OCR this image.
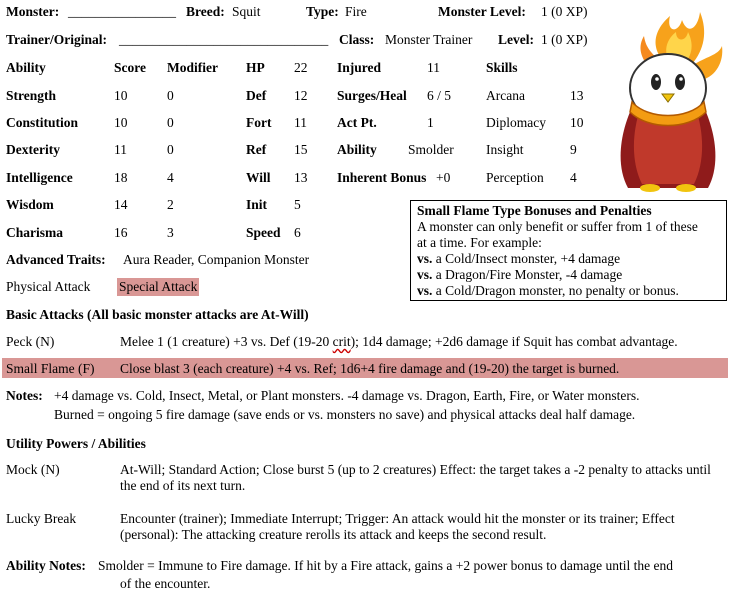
Monster: ________________ Breed: Squit	Type: Fire	Monster Level: 1 (0 XP)
Trainer/Original: _______________________________ Class: Monster Trainer Level: 1 (0 XP)
Ability	Score Modifier
Strength	10	0
Constitution	10	0
Dexterity	11	0
Intelligence	18	4
Wisdom	14	2
Charisma	16	3
HP 22
Def 12
Fort 11
Ref 15
Will 13
Init 5
Speed 6
Injured	11
Surges/Heal 6 / 5
Act Pt.	1
Ability Smolder
Inherent Bonus +0
Skills
Arcana	13
Diplomacy 10
Insight	9
Perception 4
Advanced Traits: Aura Reader, Companion Monster
Physical Attack Special Attack
Small Flame Type Bonuses and Penalties
A monster can only benefit or suffer from 1 of these
at a time. For example:
vs. a Cold/Insect monster, +4 damage
vs. a Dragon/Fire Monster, -4 damage
vs. a Cold/Dragon monster, no penalty or bonus.
Basic Attacks (All basic monster attacks are At-Will)
Peck (N)	Melee 1 (1 creature) +3 vs. Def (19-20 crit); 1d4 damage; +2d6 damage if Squit has combat advantage.
Small Flame (F) Close blast 3 (each creature) +4 vs. Ref; 1d6+4 fire damage and (19-20) the target is burned.
Notes: +4 damage vs. Cold, Insect, Metal, or Plant monsters. -4 damage vs. Dragon, Earth, Fire, or Water monsters.
Burned = ongoing 5 fire damage (save ends or vs. monsters no save) and physical attacks deal half damage.
Utility Powers / Abilities
Mock (N)	At-Will; Standard Action; Close burst 5 (up to 2 creatures) Effect: the target takes a -2 penalty to attacks until the end of its next turn.
Lucky Break	Encounter (trainer); Immediate Interrupt; Trigger: An attack would hit the monster or its trainer; Effect (personal): The attacking creature rerolls its attack and keeps the second result.
Ability Notes: Smolder = Immune to Fire damage. If hit by a Fire attack, gains a +2 power bonus to damage until the end
of the encounter.
